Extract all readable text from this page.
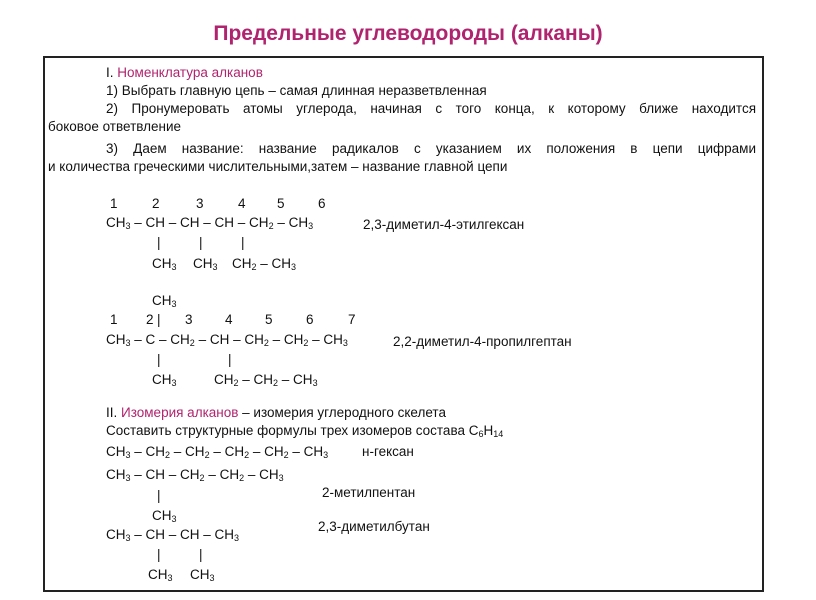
Предельные углеводороды (алканы)
I. Номенклатура алканов
1) Выбрать главную цепь – самая длинная неразветвленная
2) Пронумеровать атомы углерода, начиная с того конца, к которому ближе находится
боковое ответвление
3) Даем название: название радикалов с указанием их положения в цепи цифрами
и количества греческими числительными,затем – название главной цепи
1	2	3	4 5 6
$CH_3$ – CH – CH – CH – $CH_2 - CH_3$
|	|	|
$CH_3$ $CH_3$ $CH_2 - CH_3$
2,3-диметил-4-этилгексан
$CH_3$
1 2 | 3 4 5 6	7
$CH_3$ – C – $CH_2$ – CH – $CH_2 - CH_2 - CH_3$
|	|
$CH_3$	$CH_2 - CH_2 - CH_3$
2,2-диметил-4-пропилгептан
II. Изомерия алканов – изомерия углеродного скелета
Составить структурные формулы трех изомеров состава $C_6H_{14}$
$CH_3 - CH_2 - CH_2 - CH_2 - CH_2 - CH_3$	н-гексан
$CH_3$ – CH – $CH_2 - CH_2 - CH_3$
|
$CH_3$
2-метилпентан
$CH_3$ – CH – CH – $CH_3$
|	|
$CH_3$ $CH_3$
2,3-диметилбутан
